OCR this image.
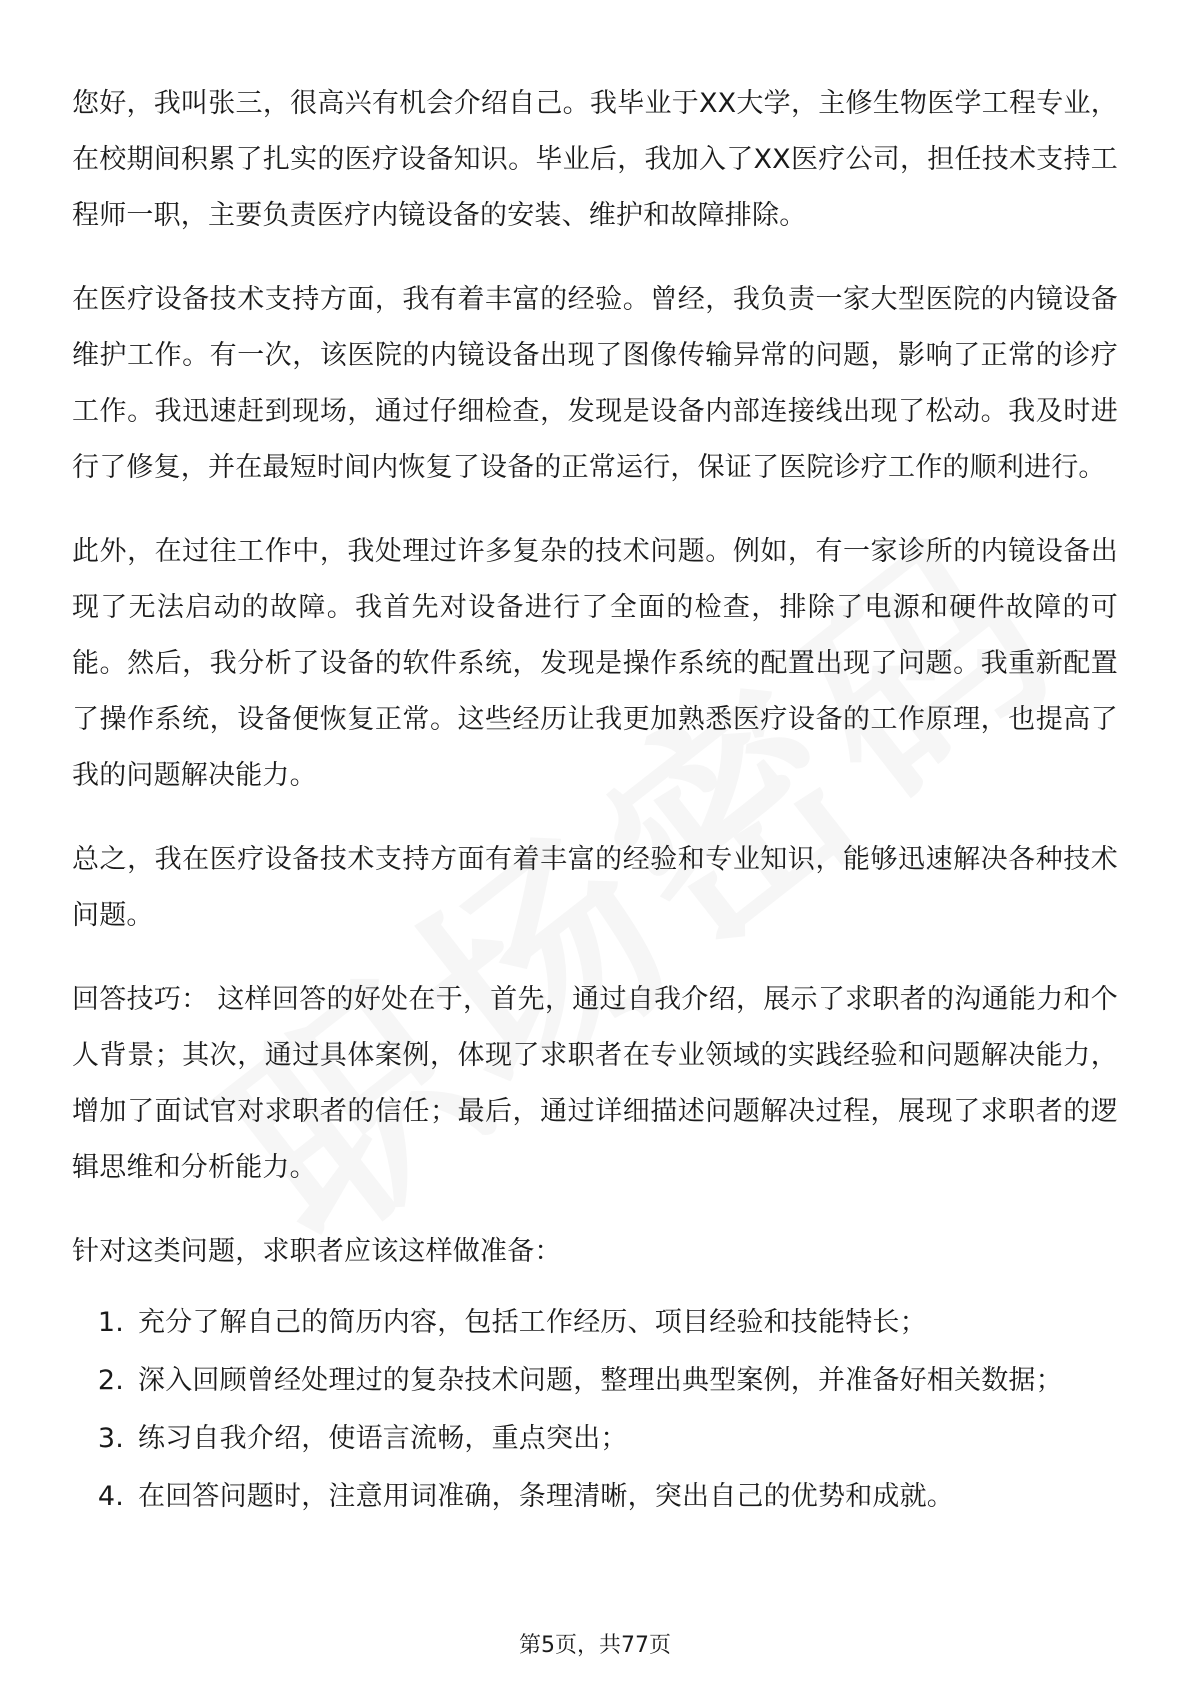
您好，我叫张三，很高兴有机会介绍自己。我毕业于XX大学，主修生物医学工程专业，在校期间积累了扎实的医疗设备知识。毕业后，我加入了XX医疗公司，担任技术支持工程师一职，主要负责医疗内镜设备的安装、维护和故障排除。

在医疗设备技术支持方面，我有着丰富的经验。曾经，我负责一家大型医院的内镜设备维护工作。有一次，该医院的内镜设备出现了图像传输异常的问题，影响了正常的诊疗工作。我迅速赶到现场，通过仔细检查，发现是设备内部连接线出现了松动。我及时进行了修复，并在最短时间内恢复了设备的正常运行，保证了医院诊疗工作的顺利进行。

此外，在过往工作中，我处理过许多复杂的技术问题。例如，有一家诊所的内镜设备出现了无法启动的故障。我首先对设备进行了全面的检查，排除了电源和硬件故障的可能。然后，我分析了设备的软件系统，发现是操作系统的配置出现了问题。我重新配置了操作系统，设备便恢复正常。这些经历让我更加熟悉医疗设备的工作原理，也提高了我的问题解决能力。

总之，我在医疗设备技术支持方面有着丰富的经验和专业知识，能够迅速解决各种技术问题。

回答技巧： 这样回答的好处在于，首先，通过自我介绍，展示了求职者的沟通能力和个人背景；其次，通过具体案例，体现了求职者在专业领域的实践经验和问题解决能力，增加了面试官对求职者的信任；最后，通过详细描述问题解决过程，展现了求职者的逻辑思维和分析能力。

针对这类问题，求职者应该这样做准备：

1. 充分了解自己的简历内容，包括工作经历、项目经验和技能特长；
2. 深入回顾曾经处理过的复杂技术问题，整理出典型案例，并准备好相关数据；
3. 练习自我介绍，使语言流畅，重点突出；
4. 在回答问题时，注意用词准确，条理清晰，突出自己的优势和成就。
第5页，共77页
